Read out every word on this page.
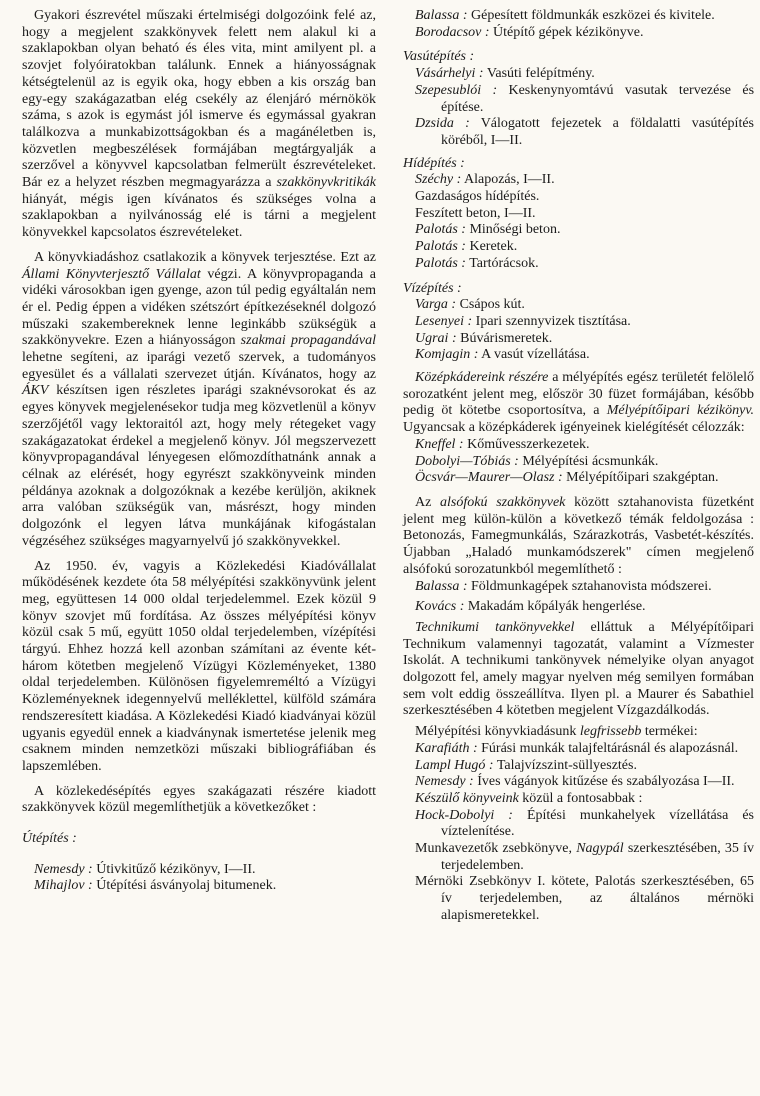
Gyakori észrevétel műszaki értelmiségi dolgozóink felé az, hogy a megjelent szakkönyvek felett nem alakul ki a szaklapokban olyan beható és éles vita, mint amilyent pl. a szovjet folyóiratokban találunk. Ennek a hiányosságnak kétségtelenül az is egyik oka, hogy ebben a kis ország ban egy-egy szakágazatban elég csekély az élenjáró mérnökök száma, s azok is egymást jól ismerve és egymással gyakran találkozva a munkabizottságokban és a magánéletben is, közvetlen megbeszélések formájában megtárgyalják a szerzővel a könyvvel kapcsolatban felmerült észrevételeket. Bár ez a helyzet részben megmagyarázza a szakkönyvkritikák hiányát, mégis igen kívánatos és szükséges volna a szaklapokban a nyilvánosság elé is tárni a megjelent könyvekkel kapcsolatos észrevételeket.

A könyvkiadáshoz csatlakozik a könyvek terjesztése. Ezt az Állami Könyvterjesztő Vállalat végzi. A könyvpropaganda a vidéki városokban igen gyenge, azon túl pedig egyáltalán nem ér el. Pedig éppen a vidéken szétszórt építkezéseknél dolgozó műszaki szakembereknek lenne leginkább szükségük a szakkönyvekre. Ezen a hiányosságon szakmai propagandával lehetne segíteni, az iparági vezető szervek, a tudományos egyesület és a vállalati szervezet útján. Kívánatos, hogy az ÁKV készítsen igen részletes iparági szaknévsorokat és az egyes könyvek megjelenésekor tudja meg közvetlenül a könyv szerzőjétől vagy lektoraitól azt, hogy mely rétegeket vagy szakágazatokat érdekel a megjelenő könyv. Jól megszervezett könyvpropagandával lényegesen előmozdíthatnánk annak a célnak az elérését, hogy egyrészt szakkönyveink minden példánya azoknak a dolgozóknak a kezébe kerüljön, akiknek arra valóban szükségük van, másrészt, hogy minden dolgozónk el legyen látva munkájának kifogástalan végzéséhez szükséges magyarnyelvű jó szakkönyvekkel.

Az 1950. év, vagyis a Közlekedési Kiadóvállalat működésének kezdete óta 58 mélyépítési szakkönyvünk jelent meg, együttesen 14 000 oldal terjedelemmel. Ezek közül 9 könyv szovjet mű fordítása. Az összes mélyépítési könyv közül csak 5 mű, együtt 1050 oldal terjedelemben, vízépítési tárgyú. Ehhez hozzá kell azonban számítani az évente két-három kötetben megjelenő Vízügyi Közleményeket, 1380 oldal terjedelemben. Különösen figyelemreméltó a Vízügyi Közleményeknek idegennyelvű melléklettel, külföld számára rendszeresített kiadása. A Közlekedési Kiadó kiadványai közül ugyanis egyedül ennek a kiadványnak ismertetése jelenik meg csaknem minden nemzetközi műszaki bibliográfiában és lapszemlében.

A közlekedésépítés egyes szakágazati részére kiadott szakkönyvek közül megemlíthetjük a következőket :

Útépítés :

Nemesdy : Útivkitűző kézikönyv, I—II.

Mihajlov : Útépítési ásványolaj bitumenek.

Balassa : Gépesített földmunkák eszközei és kivitele.

Borodacsov : Útépítő gépek kézikönyve.

Vasútépítés :

Vásárhelyi : Vasúti felépítmény.

Szepesublói : Keskenynyomtávú vasutak tervezése és építése.

Dzsida : Válogatott fejezetek a földalatti vasútépítés köréből, I—II.

Hídépítés :

Széchy : Alapozás, I—II.

Gazdaságos hídépítés.

Feszített beton, I—II.

Palotás : Minőségi beton.

Palotás : Keretek.

Palotás : Tartórácsok.

Vízépítés :

Varga : Csápos kút.

Lesenyei : Ipari szennyvizek tisztítása.

Ugrai : Búvárismeretek.

Komjagin : A vasút vízellátása.

Középkádereink részére a mélyépítés egész területét felölelő sorozatként jelent meg, először 30 füzet formájában, később pedig öt kötetbe csoportosítva, a Mélyépítőipari kézikönyv. Ugyancsak a középkáderek igényeinek kielégítését célozzák:

Kneffel : Kőművesszerkezetek.

Dobolyi—Tóbiás : Mélyépítési ácsmunkák.

Öcsvár—Maurer—Olasz : Mélyépítőipari szakgéptan.

Az alsófokú szakkönyvek között sztahanovista füzetként jelent meg külön-külön a következő témák feldolgozása : Betonozás, Famegmunkálás, Szárazkotrás, Vasbetét-készítés. Újabban „Haladó munkamódszerek" címen megjelenő alsófokú sorozatunkból megemlíthető :

Balassa : Földmunkagépek sztahanovista módszerei.

Kovács : Makadám kőpályák hengerlése.

Technikumi tankönyvekkel elláttuk a Mélyépítőipari Technikum valamennyi tagozatát, valamint a Vízmester Iskolát. A technikumi tankönyvek némelyike olyan anyagot dolgozott fel, amely magyar nyelven még semilyen formában sem volt eddig összeállítva. Ilyen pl. a Maurer és Sabathiel szerkesztésében 4 kötetben megjelent Vízgazdálkodás.

Mélyépítési könyvkiadásunk legfrissebb termékei:

Karafiáth : Fúrási munkák talajfeltárásnál és alapozásnál.

Lampl Hugó : Talajvízszint-süllyesztés.

Nemesdy : Íves vágányok kitűzése és szabályozása I—II.

Készülő könyveink közül a fontosabbak :

Hock-Dobolyi : Építési munkahelyek vízellátása és víztelenítése.

Munkavezetők zsebkönyve, Nagypál szerkesztésében, 35 ív terjedelemben.

Mérnöki Zsebkönyv I. kötete, Palotás szerkesztésében, 65 ív terjedelemben, az általános mérnöki alapismeretekkel.
